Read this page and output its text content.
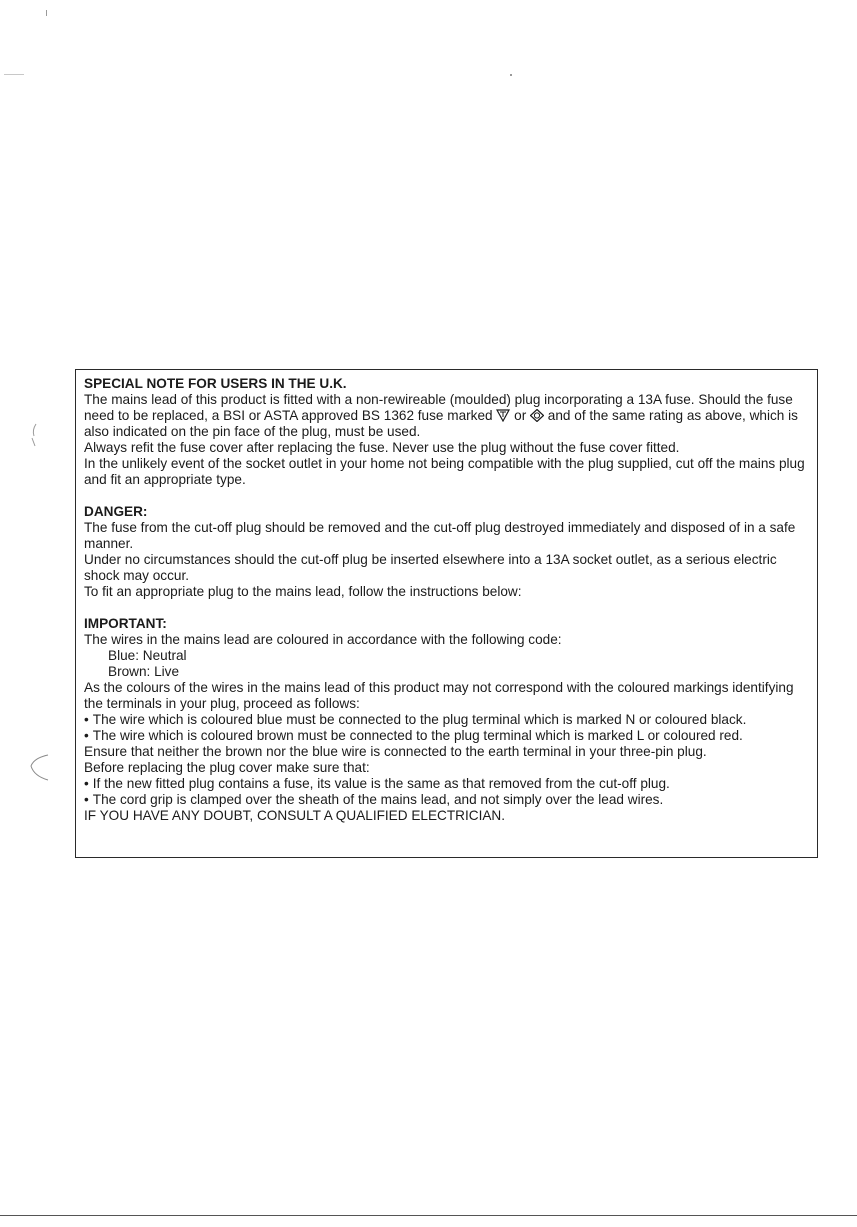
SPECIAL NOTE FOR USERS IN THE U.K.

The mains lead of this product is fitted with a non-rewireable (moulded) plug incorporating a 13A fuse. Should the fuse need to be replaced, a BSI or ASTA approved BS 1362 fuse marked or and of the same rating as above, which is also indicated on the pin face of the plug, must be used.

Always refit the fuse cover after replacing the fuse. Never use the plug without the fuse cover fitted.

In the unlikely event of the socket outlet in your home not being compatible with the plug supplied, cut off the mains plug and fit an appropriate type.

DANGER:

The fuse from the cut-off plug should be removed and the cut-off plug destroyed immediately and disposed of in a safe manner.

Under no circumstances should the cut-off plug be inserted elsewhere into a 13A socket outlet, as a serious electric shock may occur.

To fit an appropriate plug to the mains lead, follow the instructions below:

IMPORTANT:

The wires in the mains lead are coloured in accordance with the following code:

Blue: Neutral

Brown: Live

As the colours of the wires in the mains lead of this product may not correspond with the coloured markings identifying the terminals in your plug, proceed as follows:

• The wire which is coloured blue must be connected to the plug terminal which is marked N or coloured black.

• The wire which is coloured brown must be connected to the plug terminal which is marked L or coloured red.

Ensure that neither the brown nor the blue wire is connected to the earth terminal in your three-pin plug.

Before replacing the plug cover make sure that:

• If the new fitted plug contains a fuse, its value is the same as that removed from the cut-off plug.

• The cord grip is clamped over the sheath of the mains lead, and not simply over the lead wires.

IF YOU HAVE ANY DOUBT, CONSULT A QUALIFIED ELECTRICIAN.
